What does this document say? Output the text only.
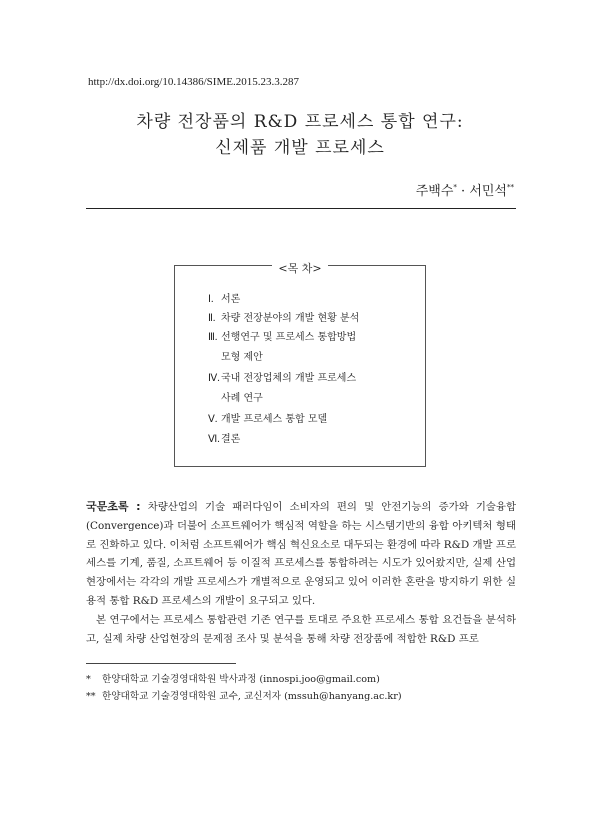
http://dx.doi.org/10.14386/SIME.2015.23.3.287
차량 전장품의 R&D 프로세스 통합 연구:
신제품 개발 프로세스
주백수* · 서민석**
<목 차>
Ⅰ. 서론
Ⅱ. 차량 전장분야의 개발 현황 분석
Ⅲ. 선행연구 및 프로세스 통합방법
모형 제안
Ⅳ.국내 전장업체의 개발 프로세스
사례 연구
Ⅴ. 개발 프로세스 통합 모델
Ⅵ.결론

국문초록 : 차량산업의 기술 패러다임이 소비자의 편의 및 안전기능의 증가와 기술융합(Convergence)과 더불어 소프트웨어가 핵심적 역할을 하는 시스템기반의 융합 아키텍처 형태로 진화하고 있다. 이처럼 소프트웨어가 핵심 혁신요소로 대두되는 환경에 따라 R&D 개발 프로세스를 기계, 품질, 소프트웨어 등 이질적 프로세스를 통합하려는 시도가 있어왔지만, 실제 산업현장에서는 각각의 개발 프로세스가 개별적으로 운영되고 있어 이러한 혼란을 방지하기 위한 실용적 통합 R&D 프로세스의 개발이 요구되고 있다.

본 연구에서는 프로세스 통합관련 기존 연구를 토대로 주요한 프로세스 통합 요건들을 분석하고, 실제 차량 산업현장의 문제점 조사 및 분석을 통해 차량 전장품에 적합한 R&D 프로

* 한양대학교 기술경영대학원 박사과정 (innospi.joo@gmail.com)
** 한양대학교 기술경영대학원 교수, 교신저자 (mssuh@hanyang.ac.kr)
